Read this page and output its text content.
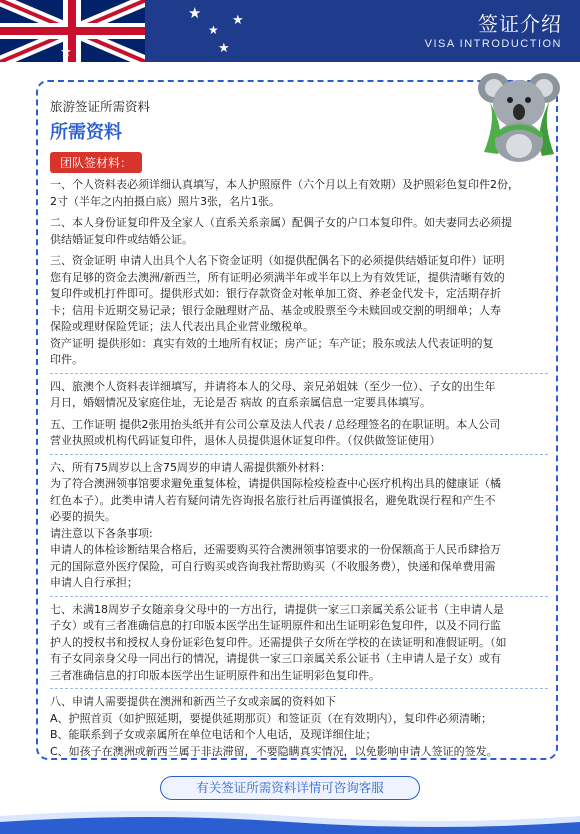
★
★
★
★
★
签证介绍
VISA INTRODUCTION
旅游签证所需资料
所需资料
团队签材料：
一、个人资料表必须详细认真填写，本人护照原件（六个月以上有效期）及护照彩色复印件2份，
2寸（半年之内拍摄白底）照片3张，名片1张。
二、本人身份证复印件及全家人（直系关系亲属）配偶子女的户口本复印件。如夫妻同去必须提
供结婚证复印件或结婚公证。
三、资金证明 申请人出具个人名下资金证明（如提供配偶名下的必须提供结婚证复印件）证明
您有足够的资金去澳洲/新西兰，所有证明必须满半年或半年以上为有效凭证，提供清晰有效的
复印件或机打件即可。提供形式如：银行存款资金对帐单加工资、养老金代发卡，定活期存折
卡；信用卡近期交易记录；银行金融理财产品、基金或股票至今未赎回或交割的明细单；人寿
保险或理财保险凭证；法人代表出具企业营业缴税单。
资产证明 提供形如：真实有效的土地所有权证；房产证；车产证；股东或法人代表证明的复
印件。
四、旅澳个人资料表详细填写，并请将本人的父母、亲兄弟姐妹（至少一位）、子女的出生年
月日，婚姻情况及家庭住址，无论是否 病故 的直系亲属信息一定要具体填写。
五、工作证明 提供2张用抬头纸并有公司公章及法人代表 / 总经理签名的在职证明。本人公司
营业执照或机构代码证复印件，退休人员提供退休证复印件。（仅供做签证使用）
六、所有75周岁以上含75周岁的申请人需提供额外材料：
为了符合澳洲领事馆要求避免重复体检，请提供国际检疫检查中心医疗机构出具的健康证（橘
红色本子）。此类申请人若有疑问请先咨询报名旅行社后再谨慎报名，避免耽误行程和产生不
必要的损失。
请注意以下各条事项:
申请人的体检诊断结果合格后，还需要购买符合澳洲领事馆要求的一份保额高于人民币肆拾万
元的国际意外医疗保险，可自行购买或咨询我社帮助购买（不收服务费），快递和保单费用需
申请人自行承担；
七、未满18周岁子女随亲身父母中的一方出行，请提供一家三口亲属关系公证书（主申请人是
子女）或有三者准确信息的打印版本医学出生证明原件和出生证明彩色复印件，以及不同行监
护人的授权书和授权人身份证彩色复印件。还需提供子女所在学校的在读证明和准假证明。（如
有子女同亲身父母一同出行的情况，请提供一家三口亲属关系公证书（主申请人是子女）或有
三者准确信息的打印版本医学出生证明原件和出生证明彩色复印件。
八、申请人需要提供在澳洲和新西兰子女或亲属的资料如下
A、护照首页（如护照延期，要提供延期那页）和签证页（在有效期内），复印件必须清晰；
B、能联系到子女或亲属所在单位电话和个人电话，及现详细住址；
C、如孩子在澳洲或新西兰属于非法滞留，不要隐瞒真实情况，以免影响申请人签证的签发。
有关签证所需资料详情可咨询客服
